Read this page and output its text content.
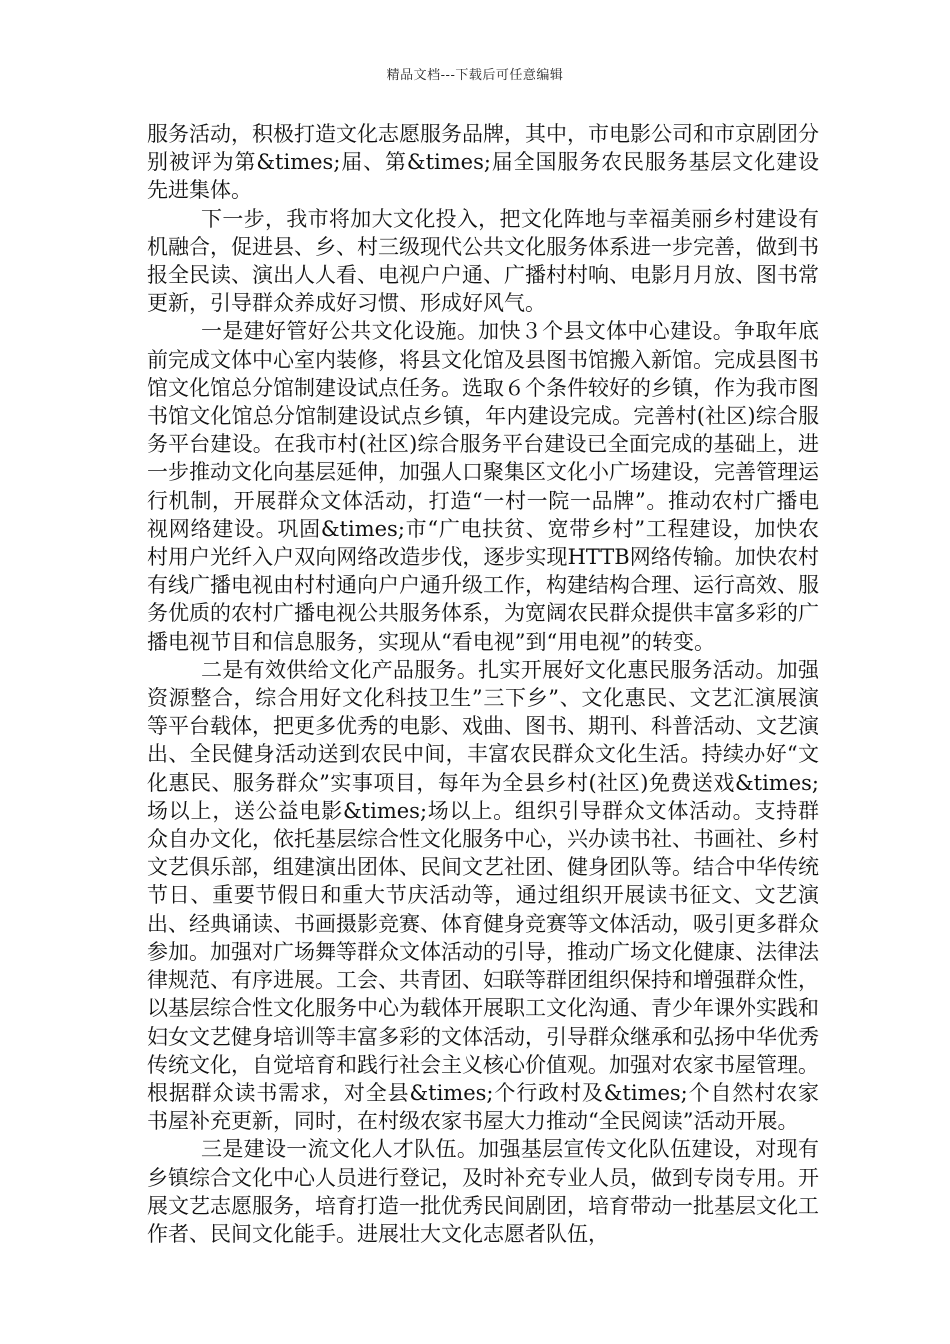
精品文档---下载后可任意编辑

服务活动，积极打造文化志愿服务品牌，其中，市电影公司和市京剧团分别被评为第&times;届、第&times;届全国服务农民服务基层文化建设先进集体。

下一步，我市将加大文化投入，把文化阵地与幸福美丽乡村建设有机融合，促进县、乡、村三级现代公共文化服务体系进一步完善，做到书报全民读、演出人人看、电视户户通、广播村村响、电影月月放、图书常更新，引导群众养成好习惯、形成好风气。

一是建好管好公共文化设施。加快３个县文体中心建设。争取年底前完成文体中心室内装修，将县文化馆及县图书馆搬入新馆。完成县图书馆文化馆总分馆制建设试点任务。选取６个条件较好的乡镇，作为我市图书馆文化馆总分馆制建设试点乡镇，年内建设完成。完善村(社区)综合服务平台建设。在我市村(社区)综合服务平台建设已全面完成的基础上，进一步推动文化向基层延伸，加强人口聚集区文化小广场建设，完善管理运行机制，开展群众文体活动，打造“一村一院一品牌”。推动农村广播电视网络建设。巩固&times;市“广电扶贫、宽带乡村”工程建设，加快农村用户光纤入户双向网络改造步伐，逐步实现HTTB网络传输。加快农村有线广播电视由村村通向户户通升级工作，构建结构合理、运行高效、服务优质的农村广播电视公共服务体系，为宽阔农民群众提供丰富多彩的广播电视节目和信息服务，实现从“看电视”到“用电视”的转变。

二是有效供给文化产品服务。扎实开展好文化惠民服务活动。加强资源整合，综合用好文化科技卫生”三下乡”、文化惠民、文艺汇演展演等平台载体，把更多优秀的电影、戏曲、图书、期刊、科普活动、文艺演出、全民健身活动送到农民中间，丰富农民群众文化生活。持续办好“文化惠民、服务群众”实事项目，每年为全县乡村(社区)免费送戏&times;场以上，送公益电影&times;场以上。组织引导群众文体活动。支持群众自办文化，依托基层综合性文化服务中心，兴办读书社、书画社、乡村文艺俱乐部，组建演出团体、民间文艺社团、健身团队等。结合中华传统节日、重要节假日和重大节庆活动等，通过组织开展读书征文、文艺演出、经典诵读、书画摄影竞赛、体育健身竞赛等文体活动，吸引更多群众参加。加强对广场舞等群众文体活动的引导，推动广场文化健康、法律法律规范、有序进展。工会、共青团、妇联等群团组织保持和增强群众性，以基层综合性文化服务中心为载体开展职工文化沟通、青少年课外实践和妇女文艺健身培训等丰富多彩的文体活动，引导群众继承和弘扬中华优秀传统文化，自觉培育和践行社会主义核心价值观。加强对农家书屋管理。根据群众读书需求，对全县&times;个行政村及&times;个自然村农家书屋补充更新，同时，在村级农家书屋大力推动“全民阅读”活动开展。

三是建设一流文化人才队伍。加强基层宣传文化队伍建设，对现有乡镇综合文化中心人员进行登记，及时补充专业人员，做到专岗专用。开展文艺志愿服务，培育打造一批优秀民间剧团，培育带动一批基层文化工作者、民间文化能手。进展壮大文化志愿者队伍，
